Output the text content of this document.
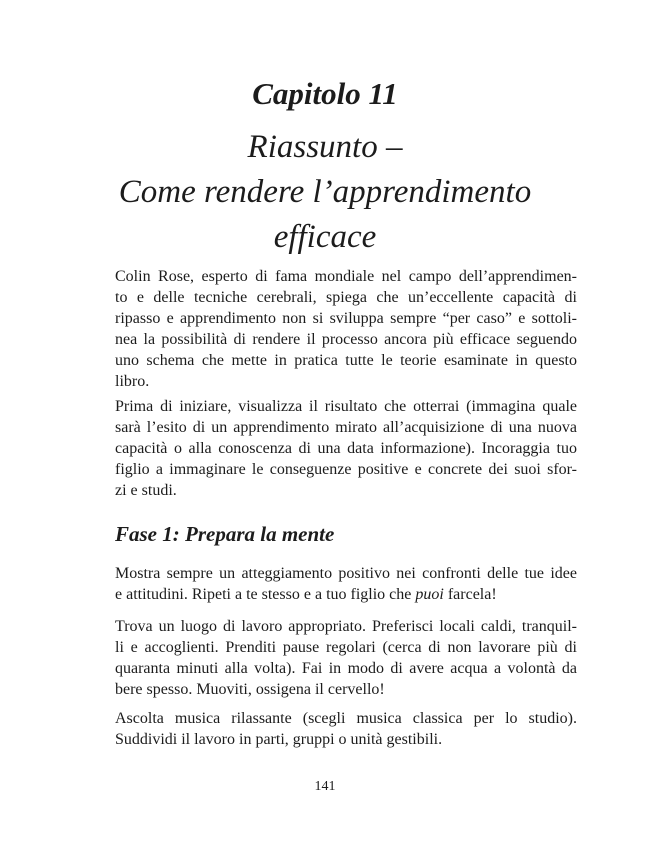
Capitolo 11
Riassunto –
Come rendere l’apprendimento
efficace

Colin Rose, esperto di fama mondiale nel campo dell’apprendimen-
to e delle tecniche cerebrali, spiega che un’eccellente capacità di
ripasso e apprendimento non si sviluppa sempre “per caso” e sottoli-
nea la possibilità di rendere il processo ancora più efficace seguendo
uno schema che mette in pratica tutte le teorie esaminate in questo
libro.

Prima di iniziare, visualizza il risultato che otterrai (immagina quale
sarà l’esito di un apprendimento mirato all’acquisizione di una nuova
capacità o alla conoscenza di una data informazione). Incoraggia tuo
figlio a immaginare le conseguenze positive e concrete dei suoi sfor-
zi e studi.

Fase 1: Prepara la mente

Mostra sempre un atteggiamento positivo nei confronti delle tue idee
e attitudini. Ripeti a te stesso e a tuo figlio che puoi farcela!

Trova un luogo di lavoro appropriato. Preferisci locali caldi, tranquil-
li e accoglienti. Prenditi pause regolari (cerca di non lavorare più di
quaranta minuti alla volta). Fai in modo di avere acqua a volontà da
bere spesso. Muoviti, ossigena il cervello!

Ascolta musica rilassante (scegli musica classica per lo studio).
Suddividi il lavoro in parti, gruppi o unità gestibili.

141
